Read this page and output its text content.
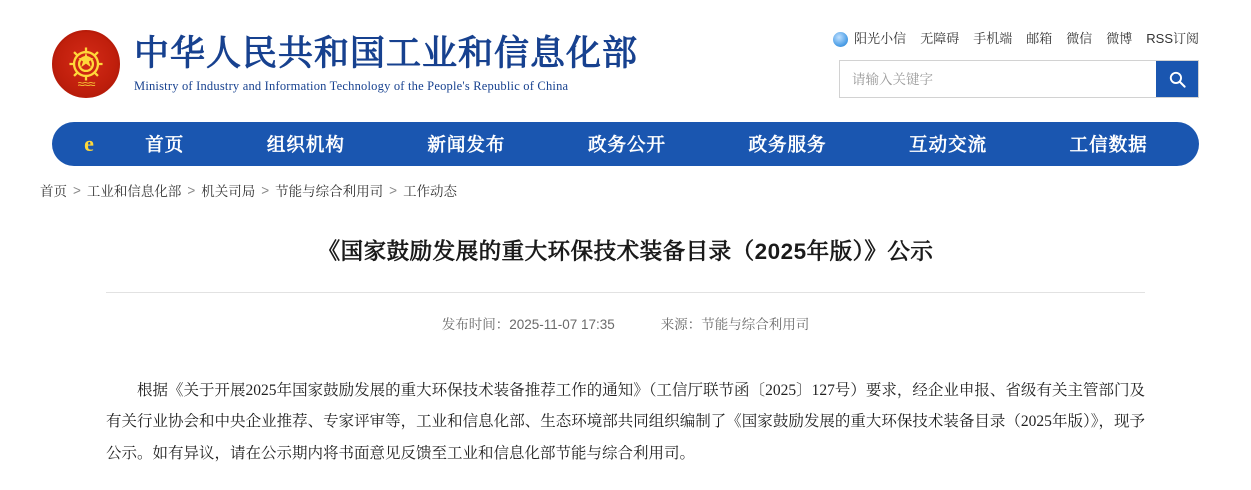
★
≈≈≈
中华人民共和国工业和信息化部
Ministry of Industry and Information Technology of the People's Republic of China
阳光小信 无障碍 手机端 邮箱 微信 微博 RSS订阅
请输入关键字
e	首页	组织机构	新闻发布	政务公开	政务服务	互动交流	工信数据
首页 > 工业和信息化部 > 机关司局 > 节能与综合利用司 > 工作动态
《国家鼓励发展的重大环保技术装备目录（2025年版）》公示
发布时间：2025-11-07 17:35	来源：节能与综合利用司

根据《关于开展2025年国家鼓励发展的重大环保技术装备推荐工作的通知》（工信厅联节函〔2025〕127号）要求，经企业申报、省级有关主管部门及有关行业协会和中央企业推荐、专家评审等，工业和信息化部、生态环境部共同组织编制了《国家鼓励发展的重大环保技术装备目录（2025年版）》，现予公示。如有异议，请在公示期内将书面意见反馈至工业和信息化部节能与综合利用司。
